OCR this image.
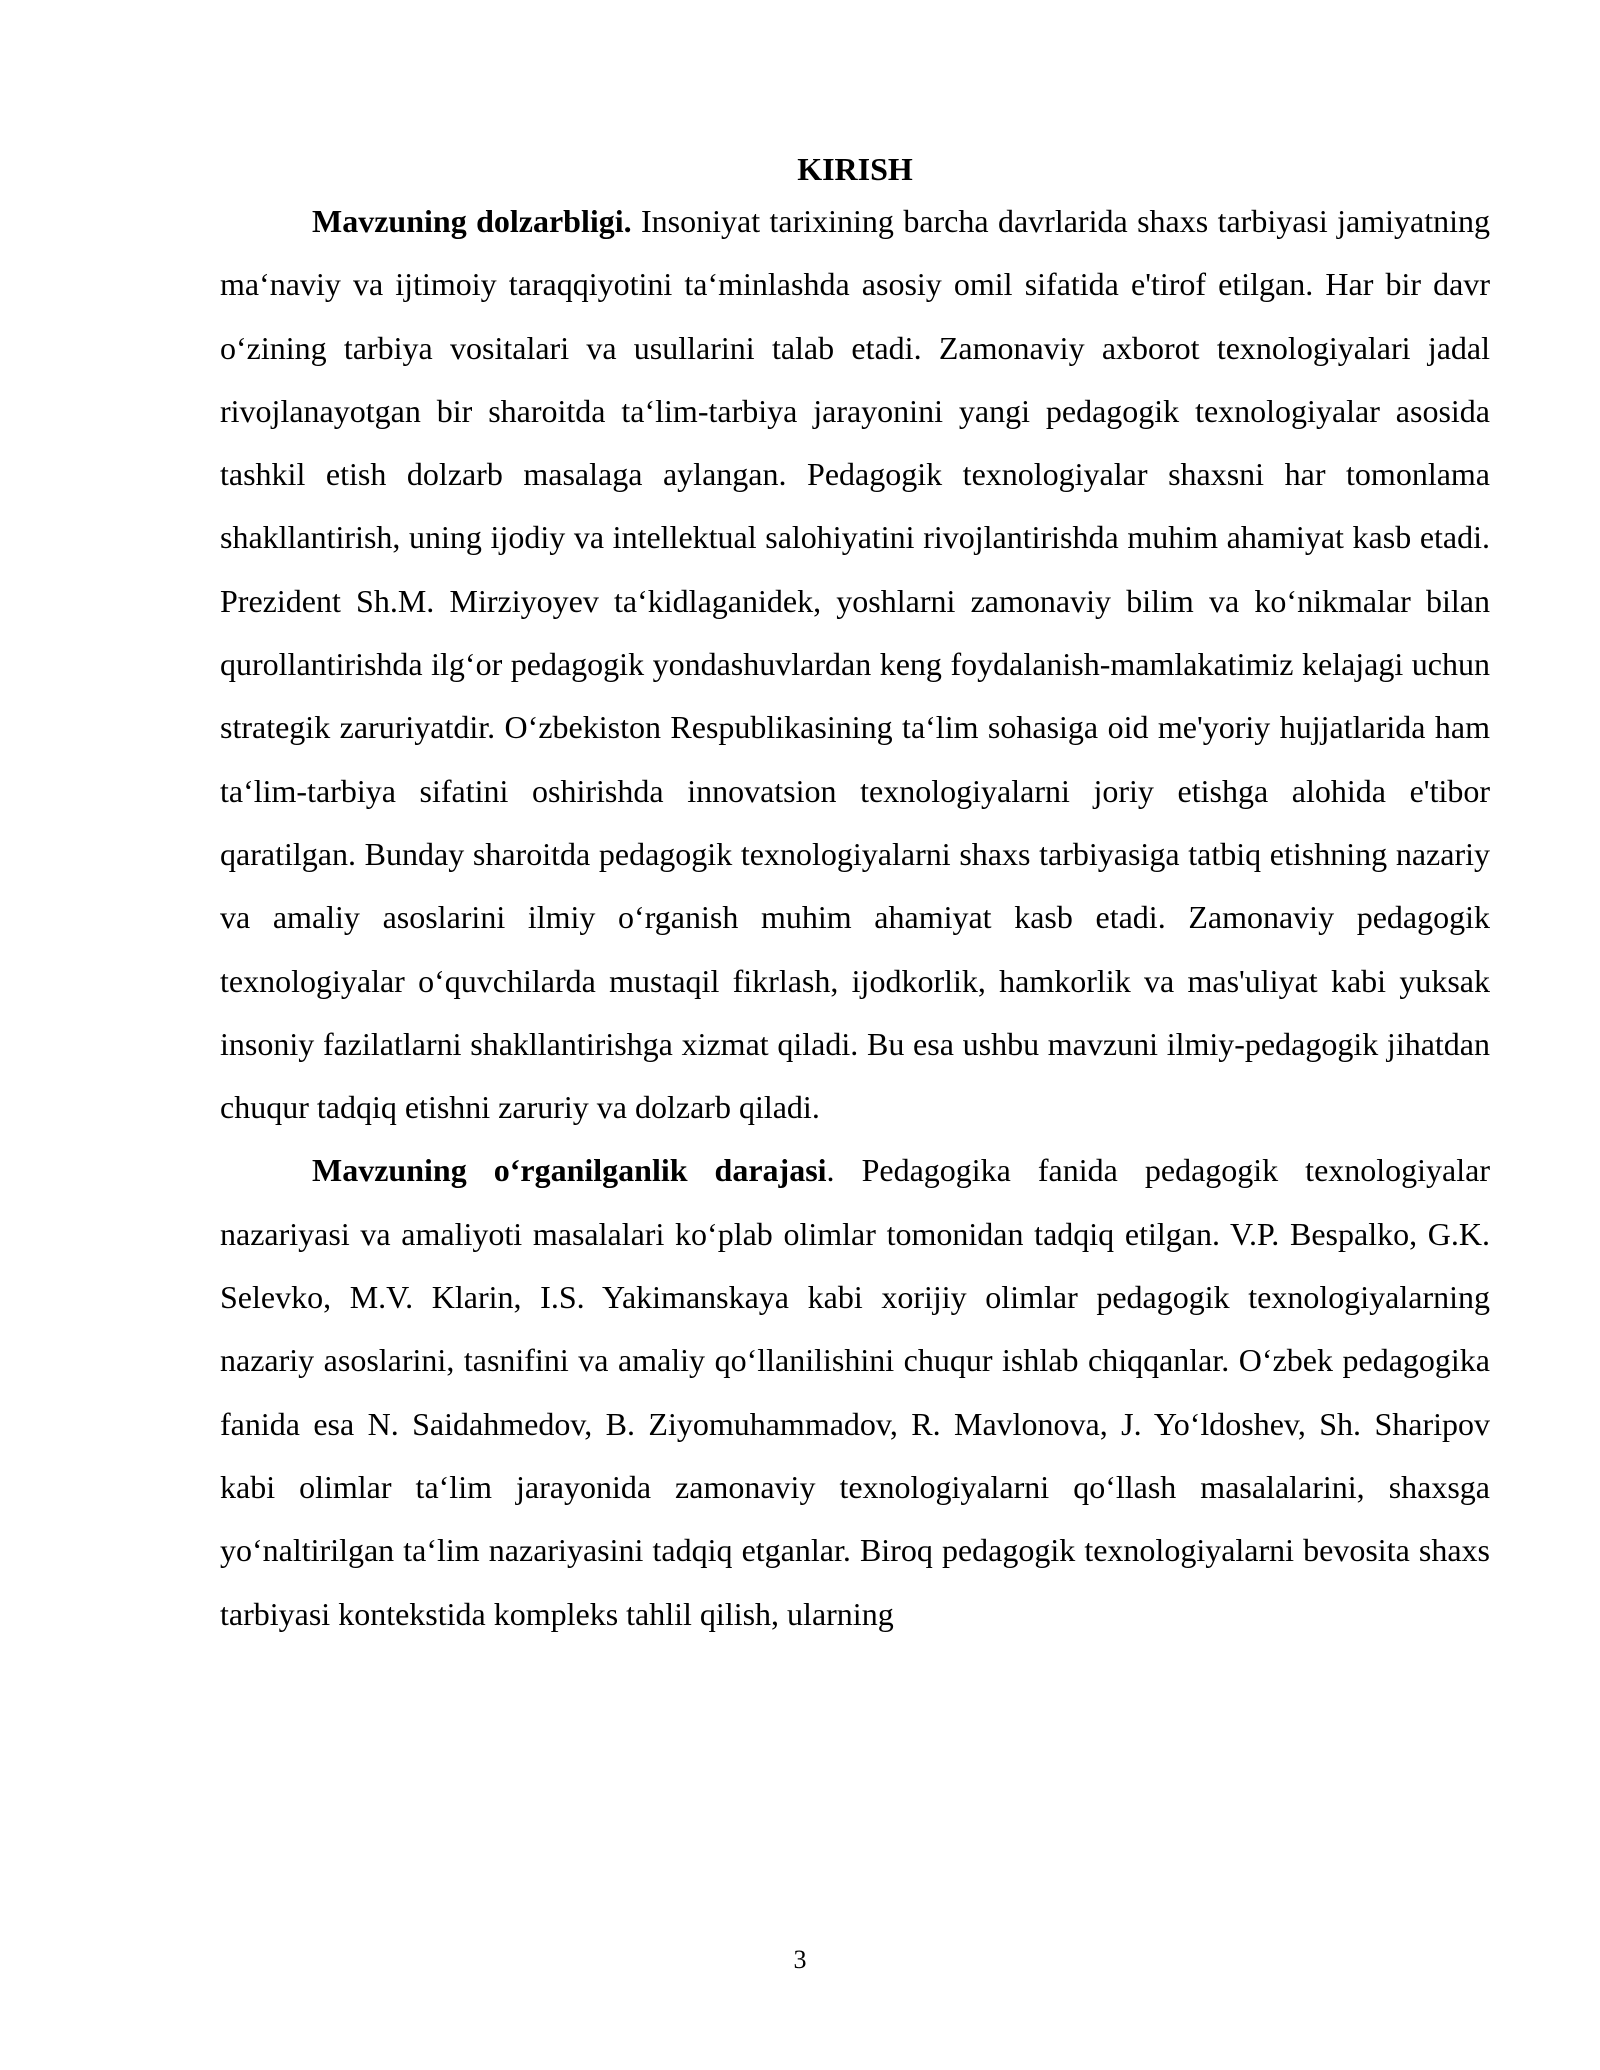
KIRISH

Mavzuning dolzarbligi. Insoniyat tarixining barcha davrlarida shaxs tarbiyasi jamiyatning maʻnaviy va ijtimoiy taraqqiyotini taʻminlashda asosiy omil sifatida e'tirof etilgan. Har bir davr oʻzining tarbiya vositalari va usullarini talab etadi. Zamonaviy axborot texnologiyalari jadal rivojlanayotgan bir sharoitda taʻlim-tarbiya jarayonini yangi pedagogik texnologiyalar asosida tashkil etish dolzarb masalaga aylangan. Pedagogik texnologiyalar shaxsni har tomonlama shakllantirish, uning ijodiy va intellektual salohiyatini rivojlantirishda muhim ahamiyat kasb etadi. Prezident Sh.M. Mirziyoyev taʻkidlaganidek, yoshlarni zamonaviy bilim va koʻnikmalar bilan qurollantirishda ilgʻor pedagogik yondashuvlardan keng foydalanish-mamlakatimiz kelajagi uchun strategik zaruriyatdir. Oʻzbekiston Respublikasining taʻlim sohasiga oid me'yoriy hujjatlarida ham taʻlim-tarbiya sifatini oshirishda innovatsion texnologiyalarni joriy etishga alohida e'tibor qaratilgan. Bunday sharoitda pedagogik texnologiyalarni shaxs tarbiyasiga tatbiq etishning nazariy va amaliy asoslarini ilmiy oʻrganish muhim ahamiyat kasb etadi. Zamonaviy pedagogik texnologiyalar oʻquvchilarda mustaqil fikrlash, ijodkorlik, hamkorlik va mas'uliyat kabi yuksak insoniy fazilatlarni shakllantirishga xizmat qiladi. Bu esa ushbu mavzuni ilmiy-pedagogik jihatdan chuqur tadqiq etishni zaruriy va dolzarb qiladi.

Mavzuning oʻrganilganlik darajasi. Pedagogika fanida pedagogik texnologiyalar nazariyasi va amaliyoti masalalari koʻplab olimlar tomonidan tadqiq etilgan. V.P. Bespalko, G.K. Selevko, M.V. Klarin, I.S. Yakimanskaya kabi xorijiy olimlar pedagogik texnologiyalarning nazariy asoslarini, tasnifini va amaliy qoʻllanilishini chuqur ishlab chiqqanlar. Oʻzbek pedagogika fanida esa N. Saidahmedov, B. Ziyomuhammadov, R. Mavlonova, J. Yoʻldoshev, Sh. Sharipov kabi olimlar taʻlim jarayonida zamonaviy texnologiyalarni qoʻllash masalalarini, shaxsga yoʻnaltirilgan taʻlim nazariyasini tadqiq etganlar. Biroq pedagogik texnologiyalarni bevosita shaxs tarbiyasi kontekstida kompleks tahlil qilish, ularning

3
